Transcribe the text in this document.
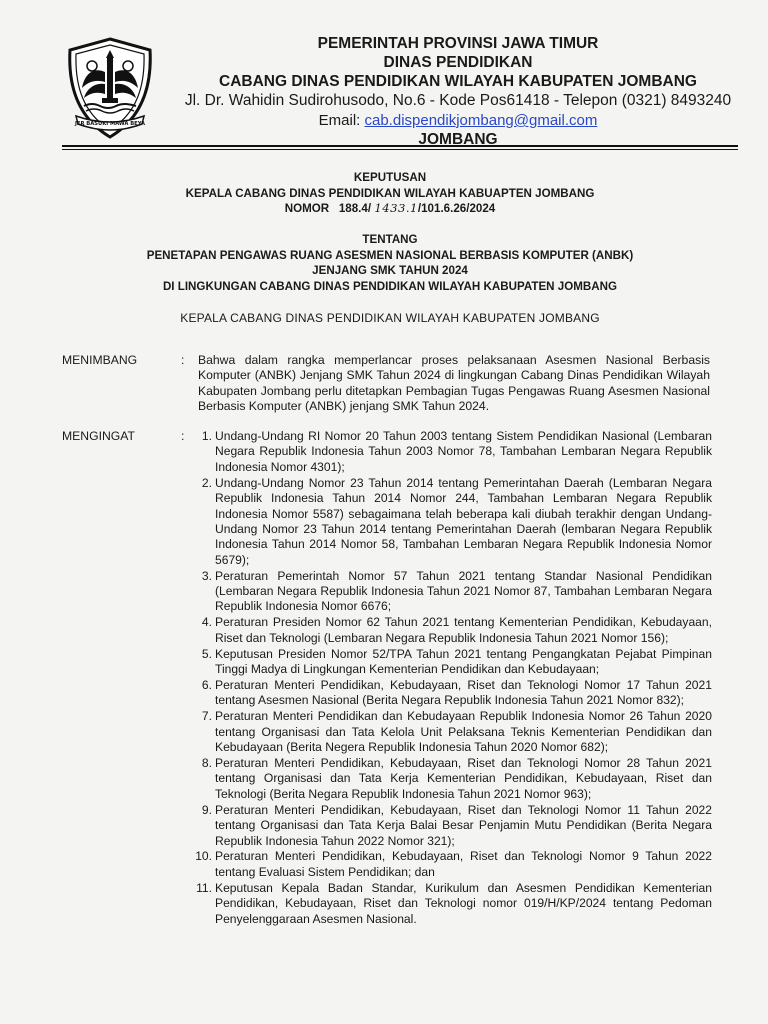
JER BASUKI MAWA BEYA
PEMERINTAH PROVINSI JAWA TIMUR
DINAS PENDIDIKAN
CABANG DINAS PENDIDIKAN WILAYAH KABUPATEN JOMBANG
Jl. Dr. Wahidin Sudirohusodo, No.6 - Kode Pos61418 - Telepon (0321) 8493240
Email: cab.dispendikjombang@gmail.com
JOMBANG
KEPUTUSAN
KEPALA CABANG DINAS PENDIDIKAN WILAYAH KABUAPTEN JOMBANG
NOMOR 188.4/ 1433.1/101.6.26/2024
TENTANG
PENETAPAN PENGAWAS RUANG ASESMEN NASIONAL BERBASIS KOMPUTER (ANBK)
JENJANG SMK TAHUN 2024
DI LINGKUNGAN CABANG DINAS PENDIDIKAN WILAYAH KABUPATEN JOMBANG
KEPALA CABANG DINAS PENDIDIKAN WILAYAH KABUPATEN JOMBANG
MENIMBANG	: Bahwa dalam rangka memperlancar proses pelaksanaan Asesmen Nasional Berbasis Komputer (ANBK) Jenjang SMK Tahun 2024 di lingkungan Cabang Dinas Pendidikan Wilayah Kabupaten Jombang perlu ditetapkan Pembagian Tugas Pengawas Ruang Asesmen Nasional Berbasis Komputer (ANBK) jenjang SMK Tahun 2024.
MENGINGAT	:	1. Undang-Undang RI Nomor 20 Tahun 2003 tentang Sistem Pendidikan Nasional (Lembaran Negara Republik Indonesia Tahun 2003 Nomor 78, Tambahan Lembaran Negara Republik Indonesia Nomor 4301);
2. Undang-Undang Nomor 23 Tahun 2014 tentang Pemerintahan Daerah (Lembaran Negara Republik Indonesia Tahun 2014 Nomor 244, Tambahan Lembaran Negara Republik Indonesia Nomor 5587) sebagaimana telah beberapa kali diubah terakhir dengan Undang-Undang Nomor 23 Tahun 2014 tentang Pemerintahan Daerah (lembaran Negara Republik Indonesia Tahun 2014 Nomor 58, Tambahan Lembaran Negara Republik Indonesia Nomor 5679);
3. Peraturan Pemerintah Nomor 57 Tahun 2021 tentang Standar Nasional Pendidikan (Lembaran Negara Republik Indonesia Tahun 2021 Nomor 87, Tambahan Lembaran Negara Republik Indonesia Nomor 6676;
4. Peraturan Presiden Nomor 62 Tahun 2021 tentang Kementerian Pendidikan, Kebudayaan, Riset dan Teknologi (Lembaran Negara Republik Indonesia Tahun 2021 Nomor 156);
5. Keputusan Presiden Nomor 52/TPA Tahun 2021 tentang Pengangkatan Pejabat Pimpinan Tinggi Madya di Lingkungan Kementerian Pendidikan dan Kebudayaan;
6. Peraturan Menteri Pendidikan, Kebudayaan, Riset dan Teknologi Nomor 17 Tahun 2021 tentang Asesmen Nasional (Berita Negara Republik Indonesia Tahun 2021 Nomor 832);
7. Peraturan Menteri Pendidikan dan Kebudayaan Republik Indonesia Nomor 26 Tahun 2020 tentang Organisasi dan Tata Kelola Unit Pelaksana Teknis Kementerian Pendidikan dan Kebudayaan (Berita Negera Republik Indonesia Tahun 2020 Nomor 682);
8. Peraturan Menteri Pendidikan, Kebudayaan, Riset dan Teknologi Nomor 28 Tahun 2021 tentang Organisasi dan Tata Kerja Kementerian Pendidikan, Kebudayaan, Riset dan Teknologi (Berita Negara Republik Indonesia Tahun 2021 Nomor 963);
9. Peraturan Menteri Pendidikan, Kebudayaan, Riset dan Teknologi Nomor 11 Tahun 2022 tentang Organisasi dan Tata Kerja Balai Besar Penjamin Mutu Pendidikan (Berita Negara Republik Indonesia Tahun 2022 Nomor 321);
10. Peraturan Menteri Pendidikan, Kebudayaan, Riset dan Teknologi Nomor 9 Tahun 2022 tentang Evaluasi Sistem Pendidikan; dan
11. Keputusan Kepala Badan Standar, Kurikulum dan Asesmen Pendidikan Kementerian Pendidikan, Kebudayaan, Riset dan Teknologi nomor 019/H/KP/2024 tentang Pedoman Penyelenggaraan Asesmen Nasional.
